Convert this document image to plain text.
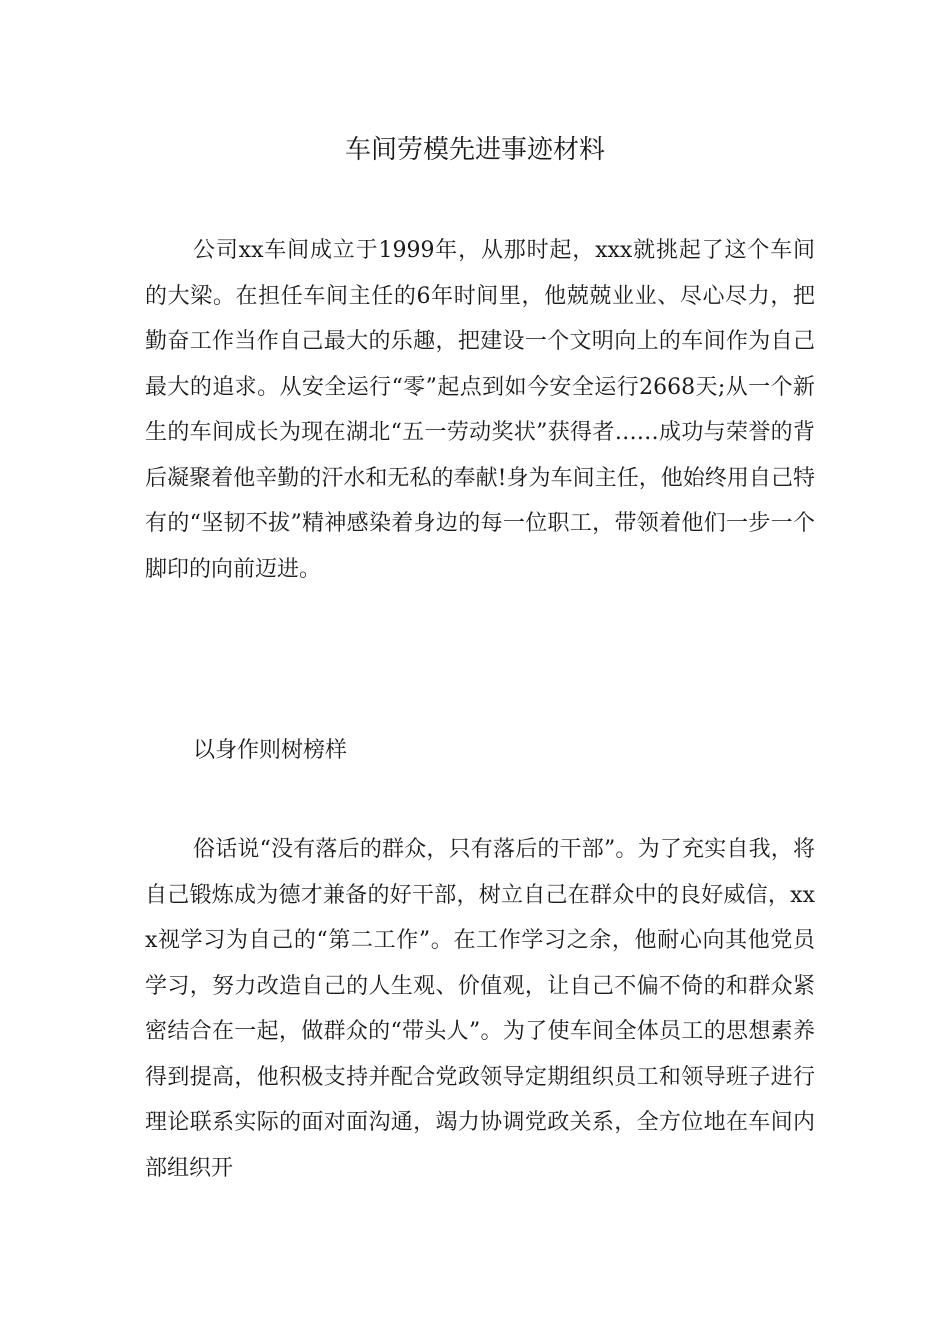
车间劳模先进事迹材料

公司xx车间成立于1999年，从那时起，xxx就挑起了这个车间的大梁。在担任车间主任的6年时间里，他兢兢业业、尽心尽力，把勤奋工作当作自己最大的乐趣，把建设一个文明向上的车间作为自己最大的追求。从安全运行“零”起点到如今安全运行2668天;从一个新生的车间成长为现在湖北“五一劳动奖状”获得者……成功与荣誉的背后凝聚着他辛勤的汗水和无私的奉献!身为车间主任，他始终用自己特有的“坚韧不拔”精神感染着身边的每一位职工，带领着他们一步一个脚印的向前迈进。

以身作则树榜样

俗话说“没有落后的群众，只有落后的干部”。为了充实自我，将自己锻炼成为德才兼备的好干部，树立自己在群众中的良好威信，xxx视学习为自己的“第二工作”。在工作学习之余，他耐心向其他党员学习，努力改造自己的人生观、价值观，让自己不偏不倚的和群众紧密结合在一起，做群众的“带头人”。为了使车间全体员工的思想素养得到提高，他积极支持并配合党政领导定期组织员工和领导班子进行理论联系实际的面对面沟通，竭力协调党政关系，全方位地在车间内部组织开
